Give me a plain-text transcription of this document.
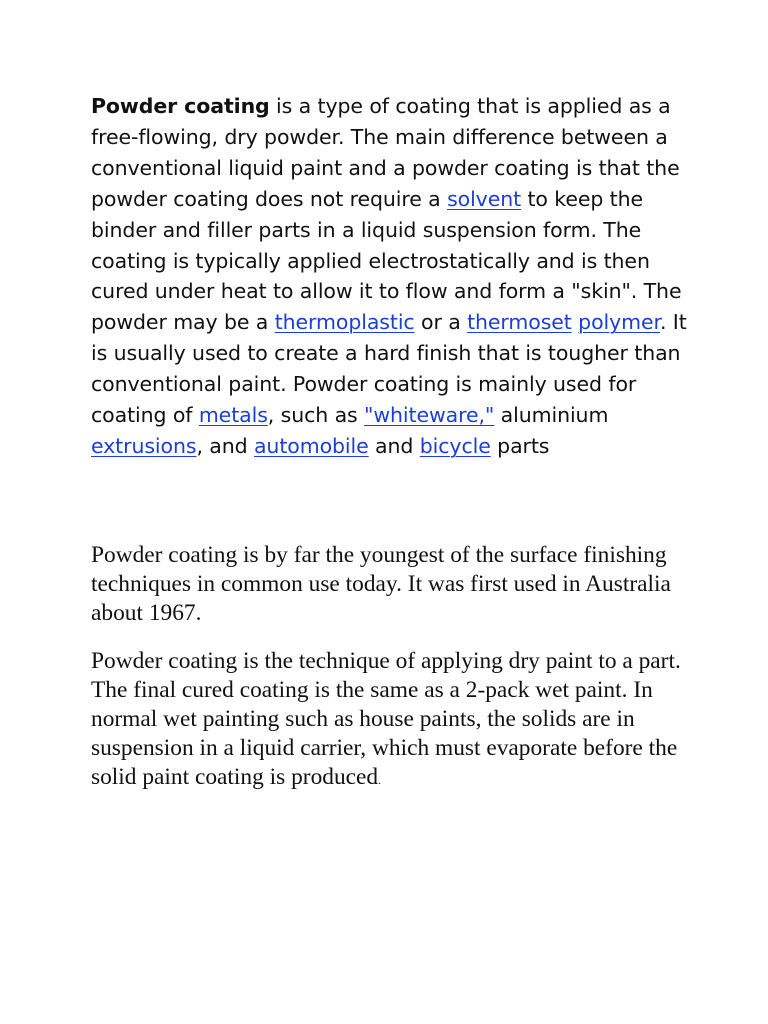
Powder coating is a type of coating that is applied as a free-flowing, dry powder. The main difference between a conventional liquid paint and a powder coating is that the powder coating does not require a solvent to keep the binder and filler parts in a liquid suspension form. The coating is typically applied electrostatically and is then cured under heat to allow it to flow and form a "skin". The powder may be a thermoplastic or a thermoset polymer. It is usually used to create a hard finish that is tougher than conventional paint. Powder coating is mainly used for coating of metals, such as "whiteware," aluminium extrusions, and automobile and bicycle parts

Powder coating is by far the youngest of the surface finishing techniques in common use today. It was first used in Australia about 1967.

Powder coating is the technique of applying dry paint to a part. The final cured coating is the same as a 2-pack wet paint. In normal wet painting such as house paints, the solids are in suspension in a liquid carrier, which must evaporate before the solid paint coating is produced.
